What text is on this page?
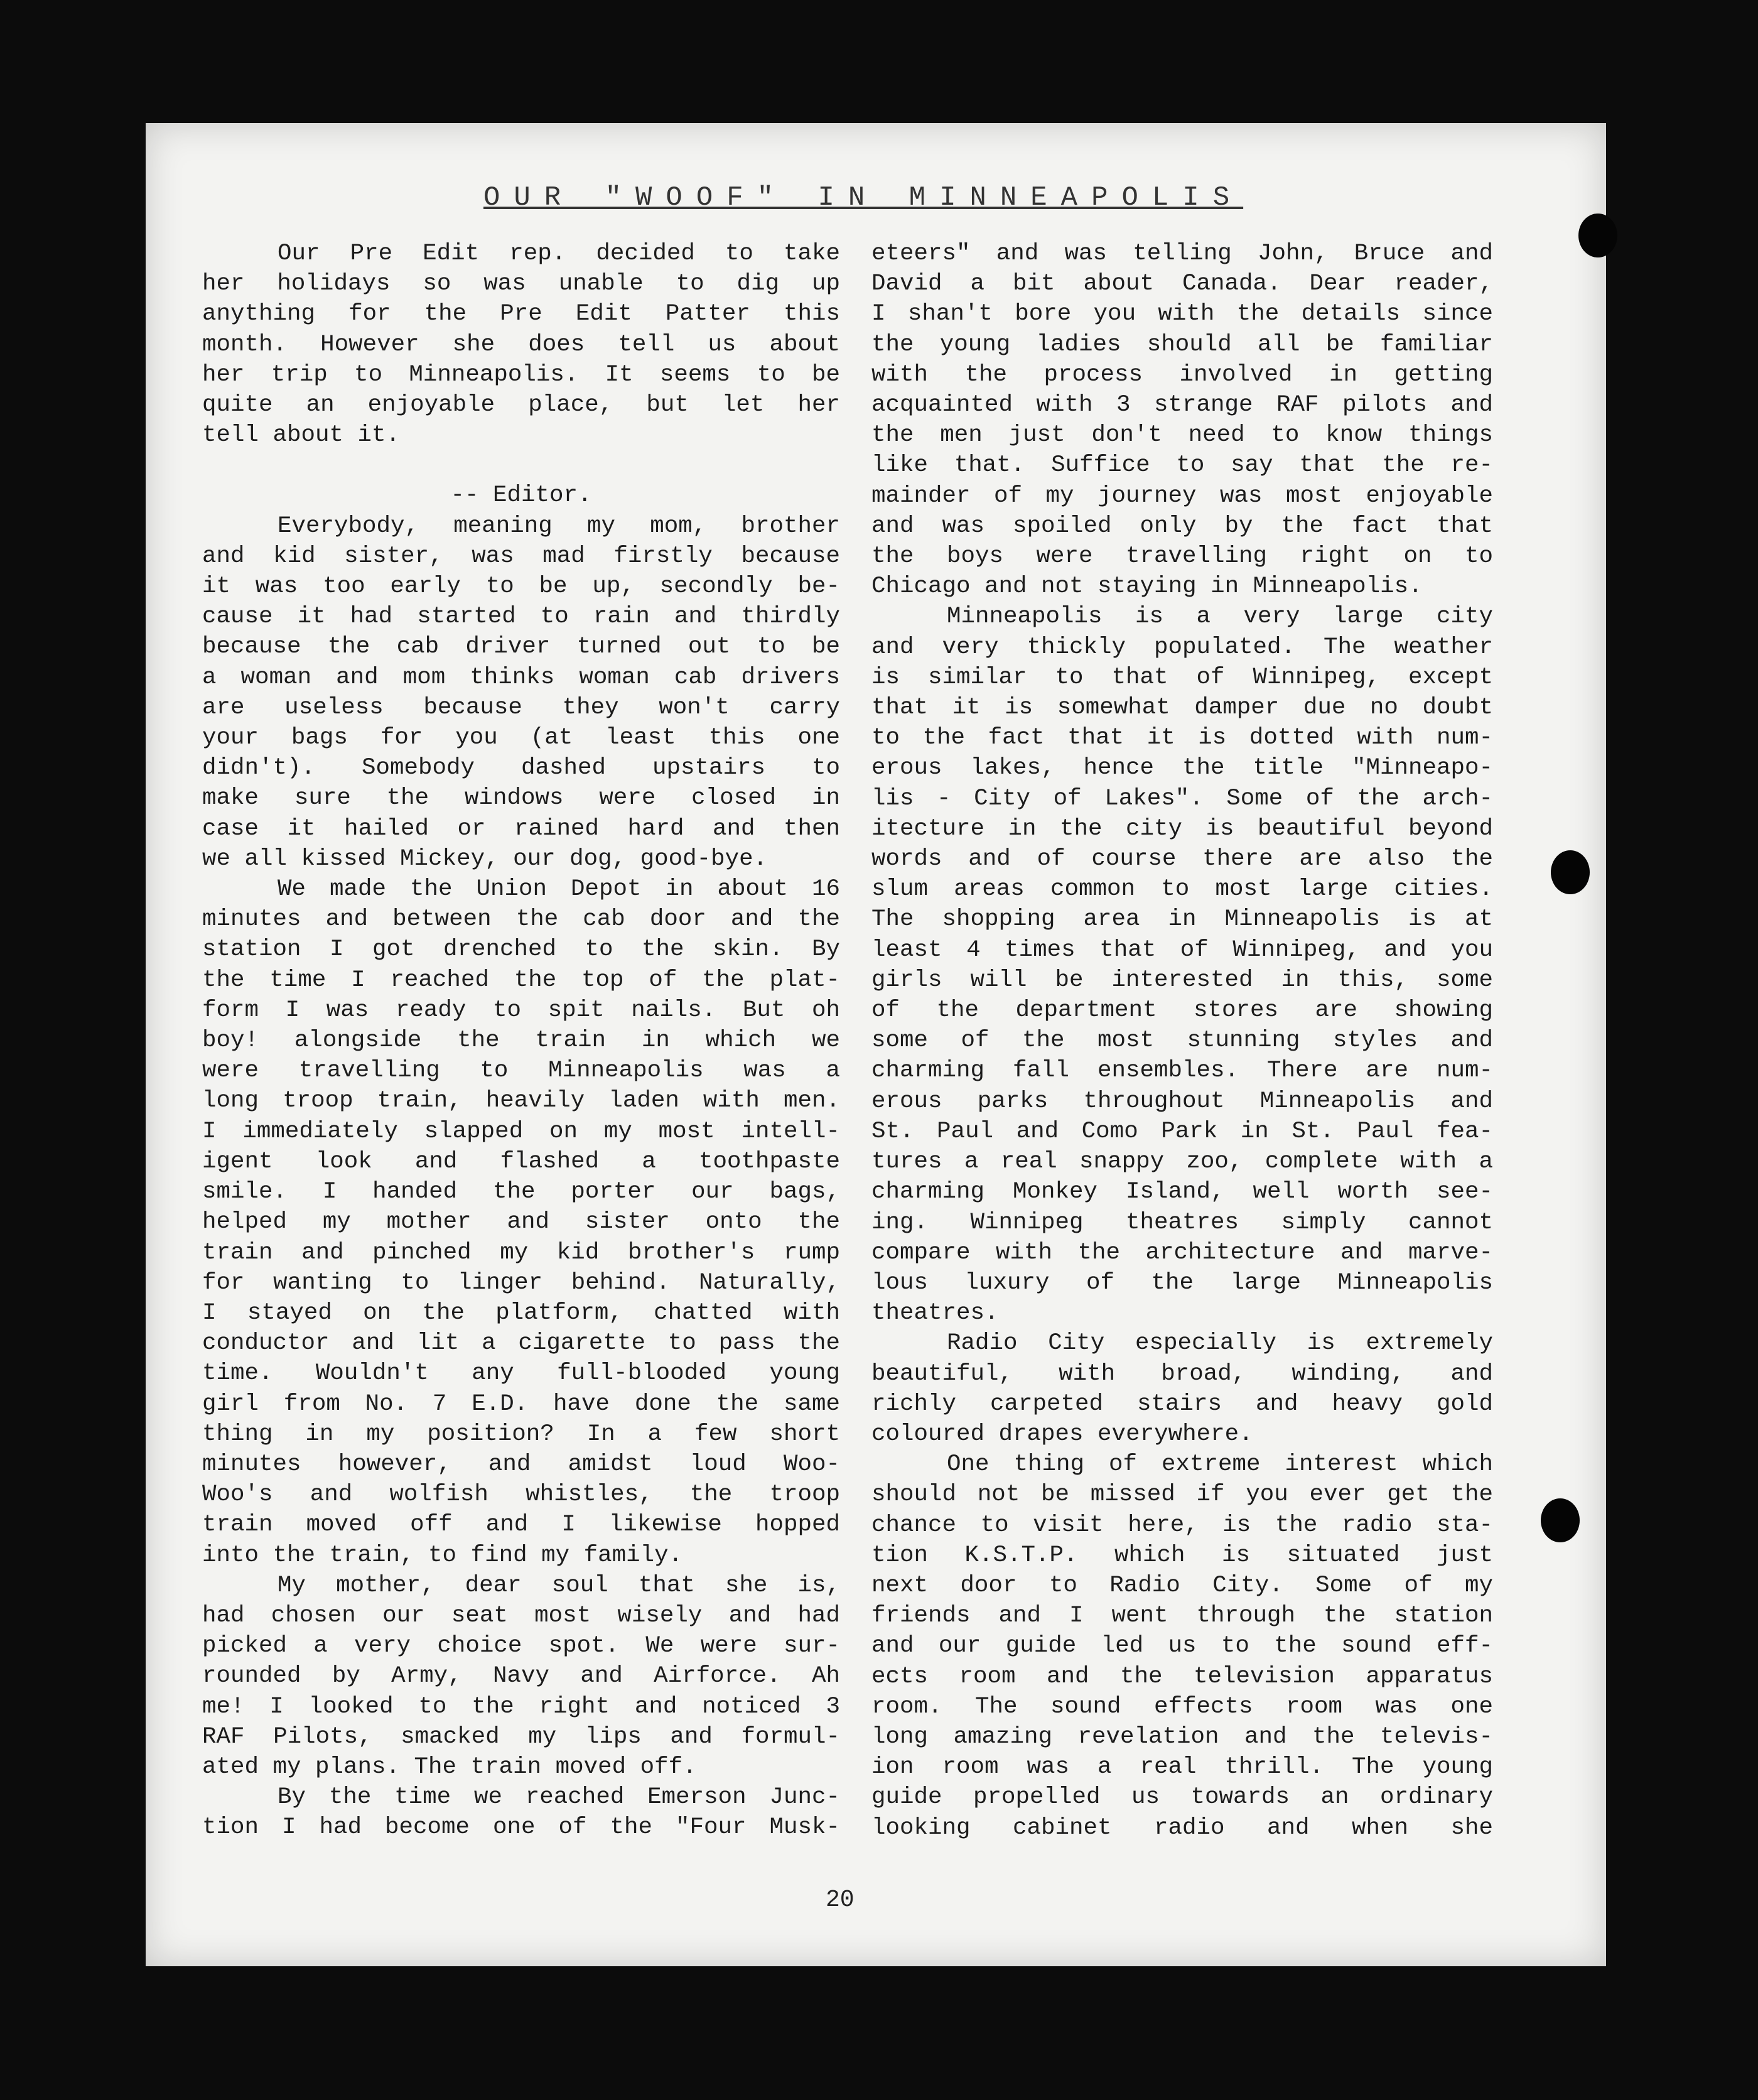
OUR "WOOF" IN MINNEAPOLIS
Our Pre Edit rep. decided to take
her holidays so was unable to dig up
anything for the Pre Edit Patter this
month. However she does tell us about
her trip to Minneapolis. It seems to be
quite an enjoyable place, but let her
tell about it.
-- Editor.
Everybody, meaning my mom, brother
and kid sister, was mad firstly because
it was too early to be up, secondly be-
cause it had started to rain and thirdly
because the cab driver turned out to be
a woman and mom thinks woman cab drivers
are useless because they won't carry
your bags for you (at least this one
didn't). Somebody dashed upstairs to
make sure the windows were closed in
case it hailed or rained hard and then
we all kissed Mickey, our dog, good-bye.
We made the Union Depot in about 16
minutes and between the cab door and the
station I got drenched to the skin. By
the time I reached the top of the plat-
form I was ready to spit nails. But oh
boy! alongside the train in which we
were travelling to Minneapolis was a
long troop train, heavily laden with men.
I immediately slapped on my most intell-
igent look and flashed a toothpaste
smile. I handed the porter our bags,
helped my mother and sister onto the
train and pinched my kid brother's rump
for wanting to linger behind. Naturally,
I stayed on the platform, chatted with
conductor and lit a cigarette to pass the
time. Wouldn't any full-blooded young
girl from No. 7 E.D. have done the same
thing in my position? In a few short
minutes however, and amidst loud Woo-
Woo's and wolfish whistles, the troop
train moved off and I likewise hopped
into the train, to find my family.
My mother, dear soul that she is,
had chosen our seat most wisely and had
picked a very choice spot. We were sur-
rounded by Army, Navy and Airforce. Ah
me! I looked to the right and noticed 3
RAF Pilots, smacked my lips and formul-
ated my plans. The train moved off.
By the time we reached Emerson Junc-
tion I had become one of the "Four Musk-
eteers" and was telling John, Bruce and
David a bit about Canada. Dear reader,
I shan't bore you with the details since
the young ladies should all be familiar
with the process involved in getting
acquainted with 3 strange RAF pilots and
the men just don't need to know things
like that. Suffice to say that the re-
mainder of my journey was most enjoyable
and was spoiled only by the fact that
the boys were travelling right on to
Chicago and not staying in Minneapolis.
Minneapolis is a very large city
and very thickly populated. The weather
is similar to that of Winnipeg, except
that it is somewhat damper due no doubt
to the fact that it is dotted with num-
erous lakes, hence the title "Minneapo-
lis - City of Lakes". Some of the arch-
itecture in the city is beautiful beyond
words and of course there are also the
slum areas common to most large cities.
The shopping area in Minneapolis is at
least 4 times that of Winnipeg, and you
girls will be interested in this, some
of the department stores are showing
some of the most stunning styles and
charming fall ensembles. There are num-
erous parks throughout Minneapolis and
St. Paul and Como Park in St. Paul fea-
tures a real snappy zoo, complete with a
charming Monkey Island, well worth see-
ing. Winnipeg theatres simply cannot
compare with the architecture and marve-
lous luxury of the large Minneapolis
theatres.
Radio City especially is extremely
beautiful, with broad, winding, and
richly carpeted stairs and heavy gold
coloured drapes everywhere.
One thing of extreme interest which
should not be missed if you ever get the
chance to visit here, is the radio sta-
tion K.S.T.P. which is situated just
next door to Radio City. Some of my
friends and I went through the station
and our guide led us to the sound eff-
ects room and the television apparatus
room. The sound effects room was one
long amazing revelation and the televis-
ion room was a real thrill. The young
guide propelled us towards an ordinary
looking cabinet radio and when she
20
